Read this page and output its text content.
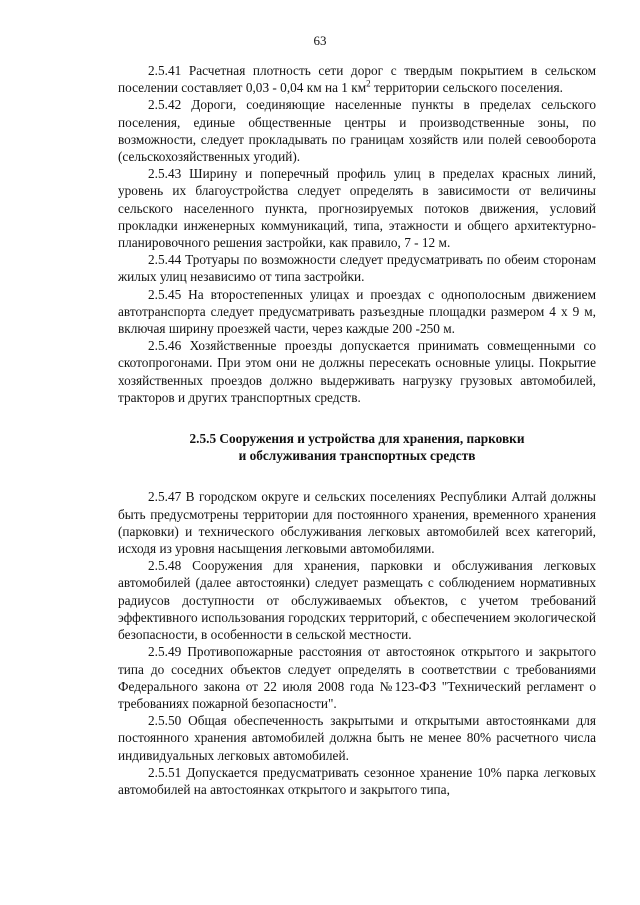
63

2.5.41 Расчетная плотность сети дорог с твердым покрытием в сельском поселении составляет 0,03 - 0,04 км на 1 $км^2$ территории сельского поселения.

2.5.42 Дороги, соединяющие населенные пункты в пределах сельского поселения, единые общественные центры и производственные зоны, по возможности, следует прокладывать по границам хозяйств или полей севооборота (сельскохозяйственных угодий).

2.5.43 Ширину и поперечный профиль улиц в пределах красных линий, уровень их благоустройства следует определять в зависимости от величины сельского населенного пункта, прогнозируемых потоков движения, условий прокладки инженерных коммуникаций, типа, этажности и общего архитектурно-планировочного решения застройки, как правило, 7 - 12 м.

2.5.44 Тротуары по возможности следует предусматривать по обеим сторонам жилых улиц независимо от типа застройки.

2.5.45 На второстепенных улицах и проездах с однополосным движением автотранспорта следует предусматривать разъездные площадки размером 4 х 9 м, включая ширину проезжей части, через каждые 200 -250 м.

2.5.46 Хозяйственные проезды допускается принимать совмещенными со скотопрогонами. При этом они не должны пересекать основные улицы. Покрытие хозяйственных проездов должно выдерживать нагрузку грузовых автомобилей, тракторов и других транспортных средств.

2.5.5 Сооружения и устройства для хранения, парковки
и обслуживания транспортных средств

2.5.47 В городском округе и сельских поселениях Республики Алтай должны быть предусмотрены территории для постоянного хранения, временного хранения (парковки) и технического обслуживания легковых автомобилей всех категорий, исходя из уровня насыщения легковыми автомобилями.

2.5.48 Сооружения для хранения, парковки и обслуживания легковых автомобилей (далее автостоянки) следует размещать с соблюдением нормативных радиусов доступности от обслуживаемых объектов, с учетом требований эффективного использования городских территорий, с обеспечением экологической безопасности, в особенности в сельской местности.

2.5.49 Противопожарные расстояния от автостоянок открытого и закрытого типа до соседних объектов следует определять в соответствии с требованиями Федерального закона от 22 июля 2008 года №123-ФЗ "Технический регламент о требованиях пожарной безопасности".

2.5.50 Общая обеспеченность закрытыми и открытыми автостоянками для постоянного хранения автомобилей должна быть не менее 80% расчетного числа индивидуальных легковых автомобилей.

2.5.51 Допускается предусматривать сезонное хранение 10% парка легковых автомобилей на автостоянках открытого и закрытого типа,
